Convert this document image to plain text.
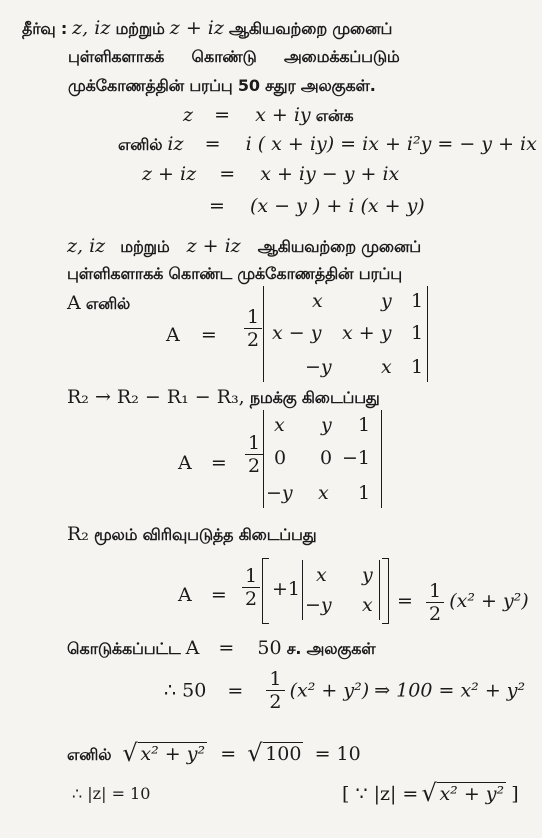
தீர்வு : z, iz மற்றும் z + iz ஆகியவற்றை முனைப்
புள்ளிகளாகக் கொண்டு அமைக்கப்படும்
முக்கோணத்தின் பரப்பு 50 சதுர அலகுகள்.
z = x + iy என்க
எனில் iz = i ( x + iy) = ix + i²y = − y + ix
z + iz = x + iy − y + ix
= (x − y ) + i (x + y)
z, iz மற்றும் z + iz ஆகியவற்றை முனைப்
புள்ளிகளாகக் கொண்ட முக்கோணத்தின் பரப்பு
A எனில்
$A = \frac{1}{2}$
x	y 1
x − y x + y 1
−y	x 1
R₂ → R₂ − R₁ − R₃, நமக்கு கிடைப்பது
$A = \frac{1}{2}$
x y 1
0 0 −1
−y x 1
R₂ மூலம் விரிவுபடுத்த கிடைப்பது
$A = \frac{1}{2} +1$
x y
−y $x = \frac{1}{2} (x^2 + y^2)$
கொடுக்கப்பட்ட A = 50 ச. அலகுகள்
∴ $50 = \frac{1}{2} (x^2 + y^2)$ ⇒ 100 = x² + y²
எனில் √ x² + y² = √ 100 = 10
∴ |z| = 10	[ ∵ |z| = √ x² + y² ]
